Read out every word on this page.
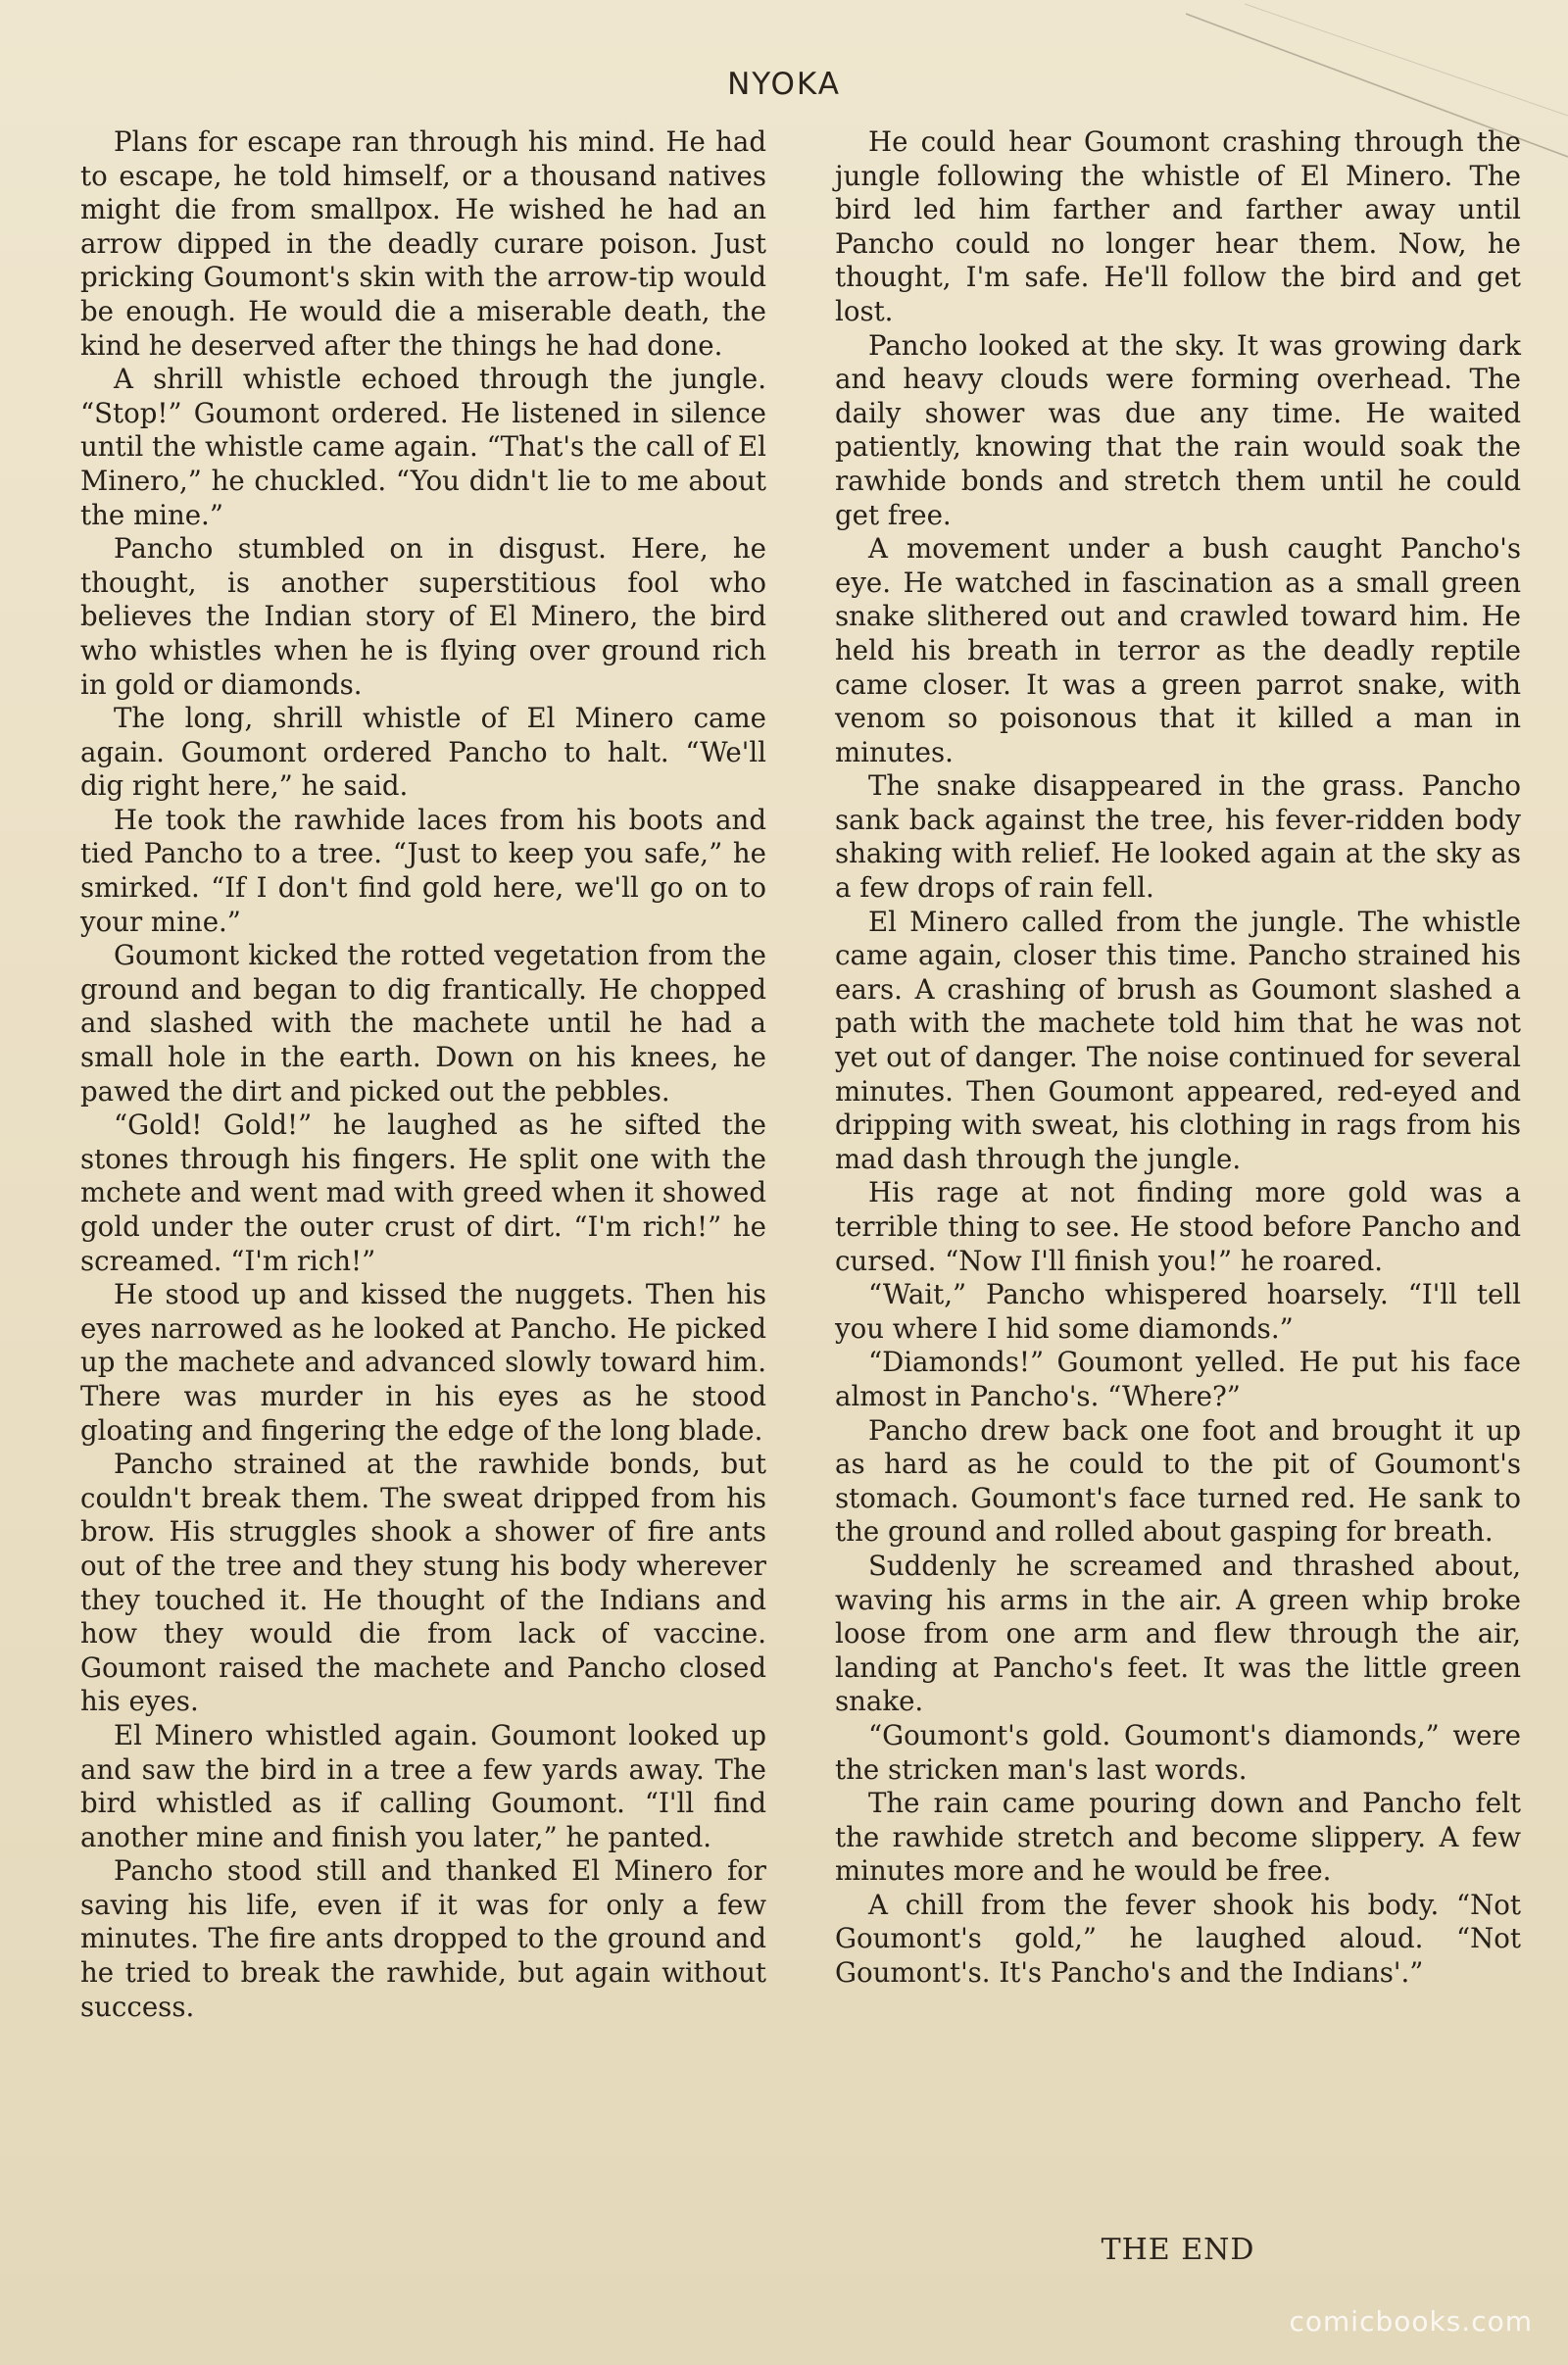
NYOKA

Plans for escape ran through his mind. He had to escape, he told himself, or a thousand natives might die from smallpox. He wished he had an arrow dipped in the deadly curare poison. Just pricking Goumont's skin with the arrow-tip would be enough. He would die a miserable death, the kind he deserved after the things he had done.

A shrill whistle echoed through the jungle. “Stop!” Goumont ordered. He listened in silence until the whistle came again. “That's the call of El Minero,” he chuckled. “You didn't lie to me about the mine.”

Pancho stumbled on in disgust. Here, he thought, is another superstitious fool who believes the Indian story of El Minero, the bird who whistles when he is flying over ground rich in gold or diamonds.

The long, shrill whistle of El Minero came again. Goumont ordered Pancho to halt. “We'll dig right here,” he said.

He took the rawhide laces from his boots and tied Pancho to a tree. “Just to keep you safe,” he smirked. “If I don't find gold here, we'll go on to your mine.”

Goumont kicked the rotted vegetation from the ground and began to dig frantically. He chopped and slashed with the machete until he had a small hole in the earth. Down on his knees, he pawed the dirt and picked out the pebbles.

“Gold! Gold!” he laughed as he sifted the stones through his fingers. He split one with the mchete and went mad with greed when it showed gold under the outer crust of dirt. “I'm rich!” he screamed. “I'm rich!”

He stood up and kissed the nuggets. Then his eyes narrowed as he looked at Pancho. He picked up the machete and advanced slowly toward him. There was murder in his eyes as he stood gloating and fingering the edge of the long blade.

Pancho strained at the rawhide bonds, but couldn't break them. The sweat dripped from his brow. His struggles shook a shower of fire ants out of the tree and they stung his body wherever they touched it. He thought of the Indians and how they would die from lack of vaccine. Goumont raised the machete and Pancho closed his eyes.

El Minero whistled again. Goumont looked up and saw the bird in a tree a few yards away. The bird whistled as if calling Goumont. “I'll find another mine and finish you later,” he panted.

Pancho stood still and thanked El Minero for saving his life, even if it was for only a few minutes. The fire ants dropped to the ground and he tried to break the rawhide, but again without success.

He could hear Goumont crashing through the jungle following the whistle of El Minero. The bird led him farther and farther away until Pancho could no longer hear them. Now, he thought, I'm safe. He'll follow the bird and get lost.

Pancho looked at the sky. It was growing dark and heavy clouds were forming overhead. The daily shower was due any time. He waited patiently, knowing that the rain would soak the rawhide bonds and stretch them until he could get free.

A movement under a bush caught Pancho's eye. He watched in fascination as a small green snake slithered out and crawled toward him. He held his breath in terror as the deadly reptile came closer. It was a green parrot snake, with venom so poisonous that it killed a man in minutes.

The snake disappeared in the grass. Pancho sank back against the tree, his fever-ridden body shaking with relief. He looked again at the sky as a few drops of rain fell.

El Minero called from the jungle. The whistle came again, closer this time. Pancho strained his ears. A crashing of brush as Goumont slashed a path with the machete told him that he was not yet out of danger. The noise continued for several minutes. Then Goumont appeared, red-eyed and dripping with sweat, his clothing in rags from his mad dash through the jungle.

His rage at not finding more gold was a terrible thing to see. He stood before Pancho and cursed. “Now I'll finish you!” he roared.

“Wait,” Pancho whispered hoarsely. “I'll tell you where I hid some diamonds.”

“Diamonds!” Goumont yelled. He put his face almost in Pancho's. “Where?”

Pancho drew back one foot and brought it up as hard as he could to the pit of Goumont's stomach. Goumont's face turned red. He sank to the ground and rolled about gasping for breath.

Suddenly he screamed and thrashed about, waving his arms in the air. A green whip broke loose from one arm and flew through the air, landing at Pancho's feet. It was the little green snake.

“Goumont's gold. Goumont's diamonds,” were the stricken man's last words.

The rain came pouring down and Pancho felt the rawhide stretch and become slippery. A few minutes more and he would be free.

A chill from the fever shook his body. “Not Goumont's gold,” he laughed aloud. “Not Goumont's. It's Pancho's and the Indians'.”

THE END
comicbooks.com
